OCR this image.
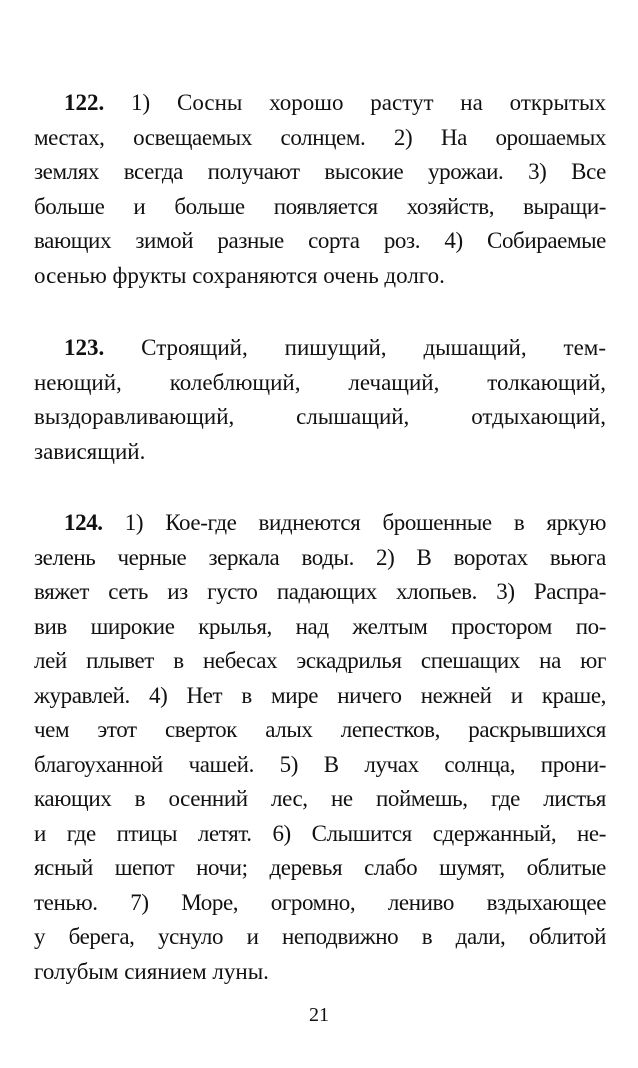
122. 1) Сосны хорошо растут на открытых
местах, освещаемых солнцем. 2) На орошаемых
землях всегда получают высокие урожаи. 3) Все
больше и больше появляется хозяйств, выращи-
вающих зимой разные сорта роз. 4) Собираемые
осенью фрукты сохраняются очень долго.
123. Строящий, пишущий, дышащий, тем-
неющий, колеблющий, лечащий, толкающий,
выздоравливающий, слышащий, отдыхающий,
зависящий.
124. 1) Кое-где виднеются брошенные в яркую
зелень черные зеркала воды. 2) В воротах вьюга
вяжет сеть из густо падающих хлопьев. 3) Распра-
вив широкие крылья, над желтым простором по-
лей плывет в небесах эскадрилья спешащих на юг
журавлей. 4) Нет в мире ничего нежней и краше,
чем этот сверток алых лепестков, раскрывшихся
благоуханной чашей. 5) В лучах солнца, прони-
кающих в осенний лес, не поймешь, где листья
и где птицы летят. 6) Слышится сдержанный, не-
ясный шепот ночи; деревья слабо шумят, облитые
тенью. 7) Море, огромно, лениво вздыхающее
у берега, уснуло и неподвижно в дали, облитой
голубым сиянием луны.
21
